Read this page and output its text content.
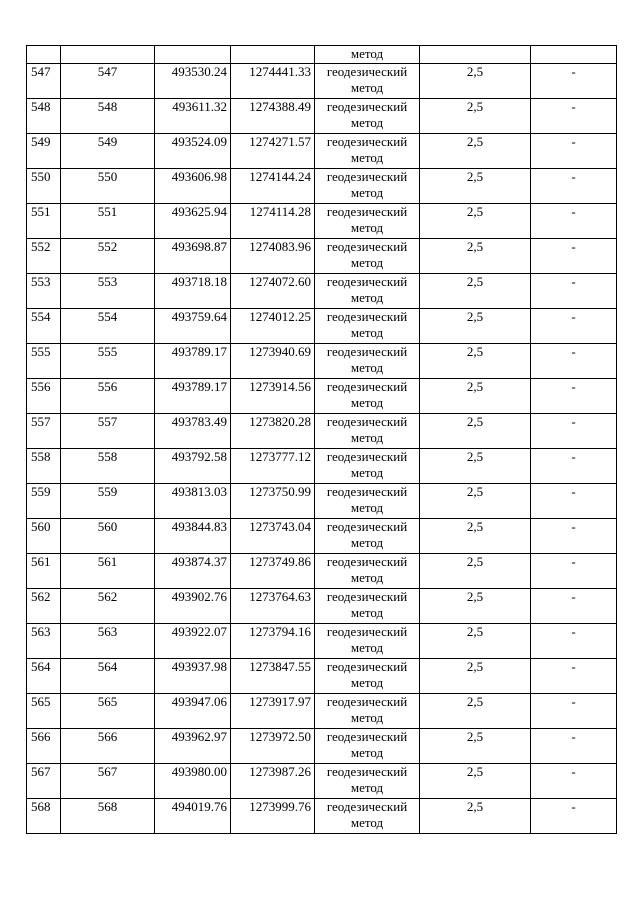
				метод		
547	547	493530.24	1274441.33	геодезический метод	2,5	-
548	548	493611.32	1274388.49	геодезический метод	2,5	-
549	549	493524.09	1274271.57	геодезический метод	2,5	-
550	550	493606.98	1274144.24	геодезический метод	2,5	-
551	551	493625.94	1274114.28	геодезический метод	2,5	-
552	552	493698.87	1274083.96	геодезический метод	2,5	-
553	553	493718.18	1274072.60	геодезический метод	2,5	-
554	554	493759.64	1274012.25	геодезический метод	2,5	-
555	555	493789.17	1273940.69	геодезический метод	2,5	-
556	556	493789.17	1273914.56	геодезический метод	2,5	-
557	557	493783.49	1273820.28	геодезический метод	2,5	-
558	558	493792.58	1273777.12	геодезический метод	2,5	-
559	559	493813.03	1273750.99	геодезический метод	2,5	-
560	560	493844.83	1273743.04	геодезический метод	2,5	-
561	561	493874.37	1273749.86	геодезический метод	2,5	-
562	562	493902.76	1273764.63	геодезический метод	2,5	-
563	563	493922.07	1273794.16	геодезический метод	2,5	-
564	564	493937.98	1273847.55	геодезический метод	2,5	-
565	565	493947.06	1273917.97	геодезический метод	2,5	-
566	566	493962.97	1273972.50	геодезический метод	2,5	-
567	567	493980.00	1273987.26	геодезический метод	2,5	-
568	568	494019.76	1273999.76	геодезический метод	2,5	-
